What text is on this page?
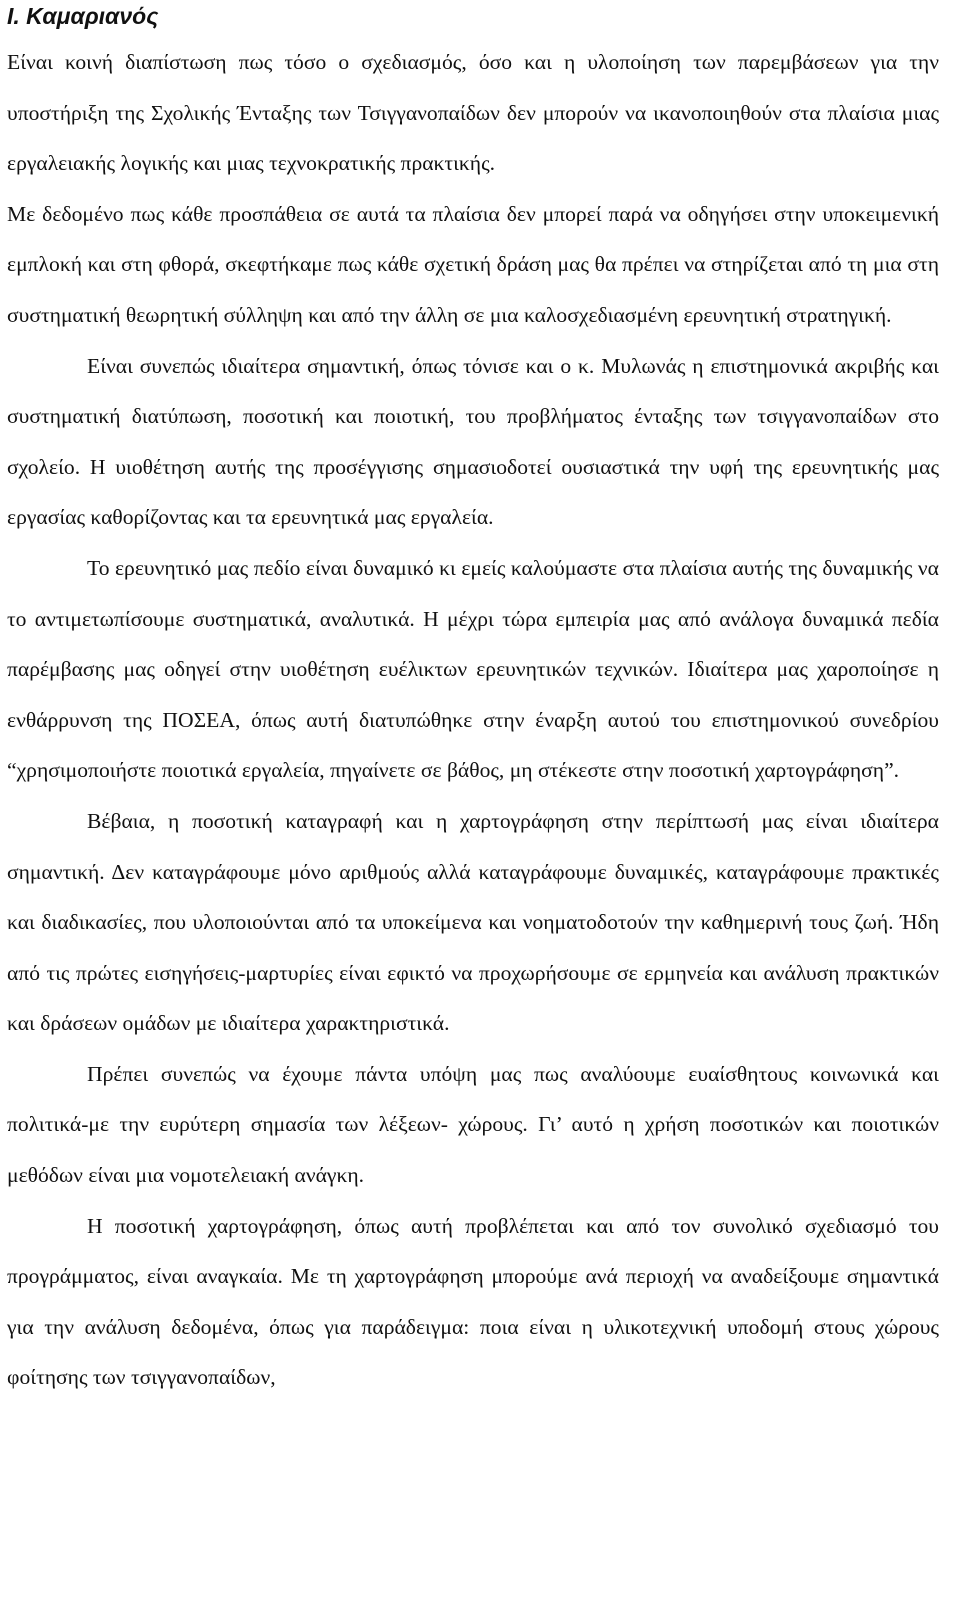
I. Καμαριανός

Είναι κοινή διαπίστωση πως τόσο ο σχεδιασμός, όσο και η υλοποίηση των παρεμβάσεων για την υποστήριξη της Σχολικής Ένταξης των Τσιγγανοπαίδων δεν μπορούν να ικανοποιηθούν στα πλαίσια μιας εργαλειακής λογικής και μιας τεχνοκρατικής πρακτικής.

Με δεδομένο πως κάθε προσπάθεια σε αυτά τα πλαίσια δεν μπορεί παρά να οδηγήσει στην υποκειμενική εμπλοκή και στη φθορά, σκεφτήκαμε πως κάθε σχετική δράση μας θα πρέπει να στηρίζεται από τη μια στη συστηματική θεωρητική σύλληψη και από την άλλη σε μια καλοσχεδιασμένη ερευνητική στρατηγική.

Είναι συνεπώς ιδιαίτερα σημαντική, όπως τόνισε και ο κ. Μυλωνάς η επιστημονικά ακριβής και συστηματική διατύπωση, ποσοτική και ποιοτική, του προβλήματος ένταξης των τσιγγανοπαίδων στο σχολείο. Η υιοθέτηση αυτής της προσέγγισης σημασιοδοτεί ουσιαστικά την υφή της ερευνητικής μας εργασίας καθορίζοντας και τα ερευνητικά μας εργαλεία.

Το ερευνητικό μας πεδίο είναι δυναμικό κι εμείς καλούμαστε στα πλαίσια αυτής της δυναμικής να το αντιμετωπίσουμε συστηματικά, αναλυτικά. Η μέχρι τώρα εμπειρία μας από ανάλογα δυναμικά πεδία παρέμβασης μας οδηγεί στην υιοθέτηση ευέλικτων ερευνητικών τεχνικών. Ιδιαίτερα μας χαροποίησε η ενθάρρυνση της ΠΟΣΕΑ, όπως αυτή διατυπώθηκε στην έναρξη αυτού του επιστημονικού συνεδρίου “χρησιμοποιήστε ποιοτικά εργαλεία, πηγαίνετε σε βάθος, μη στέκεστε στην ποσοτική χαρτογράφηση”.

Βέβαια, η ποσοτική καταγραφή και η χαρτογράφηση στην περίπτωσή μας είναι ιδιαίτερα σημαντική. Δεν καταγράφουμε μόνο αριθμούς αλλά καταγράφουμε δυναμικές, καταγράφουμε πρακτικές και διαδικασίες, που υλοποιούνται από τα υποκείμενα και νοηματοδοτούν την καθημερινή τους ζωή. Ήδη από τις πρώτες εισηγήσεις-μαρτυρίες είναι εφικτό να προχωρήσουμε σε ερμηνεία και ανάλυση πρακτικών και δράσεων ομάδων με ιδιαίτερα χαρακτηριστικά.

Πρέπει συνεπώς να έχουμε πάντα υπόψη μας πως αναλύουμε ευαίσθητους κοινωνικά και πολιτικά-με την ευρύτερη σημασία των λέξεων- χώρους. Γι’ αυτό η χρήση ποσοτικών και ποιοτικών μεθόδων είναι μια νομοτελειακή ανάγκη.

Η ποσοτική χαρτογράφηση, όπως αυτή προβλέπεται και από τον συνολικό σχεδιασμό του προγράμματος, είναι αναγκαία. Με τη χαρτογράφηση μπορούμε ανά περιοχή να αναδείξουμε σημαντικά για την ανάλυση δεδομένα, όπως για παράδειγμα: ποια είναι η υλικοτεχνική υποδομή στους χώρους φοίτησης των τσιγγανοπαίδων,
